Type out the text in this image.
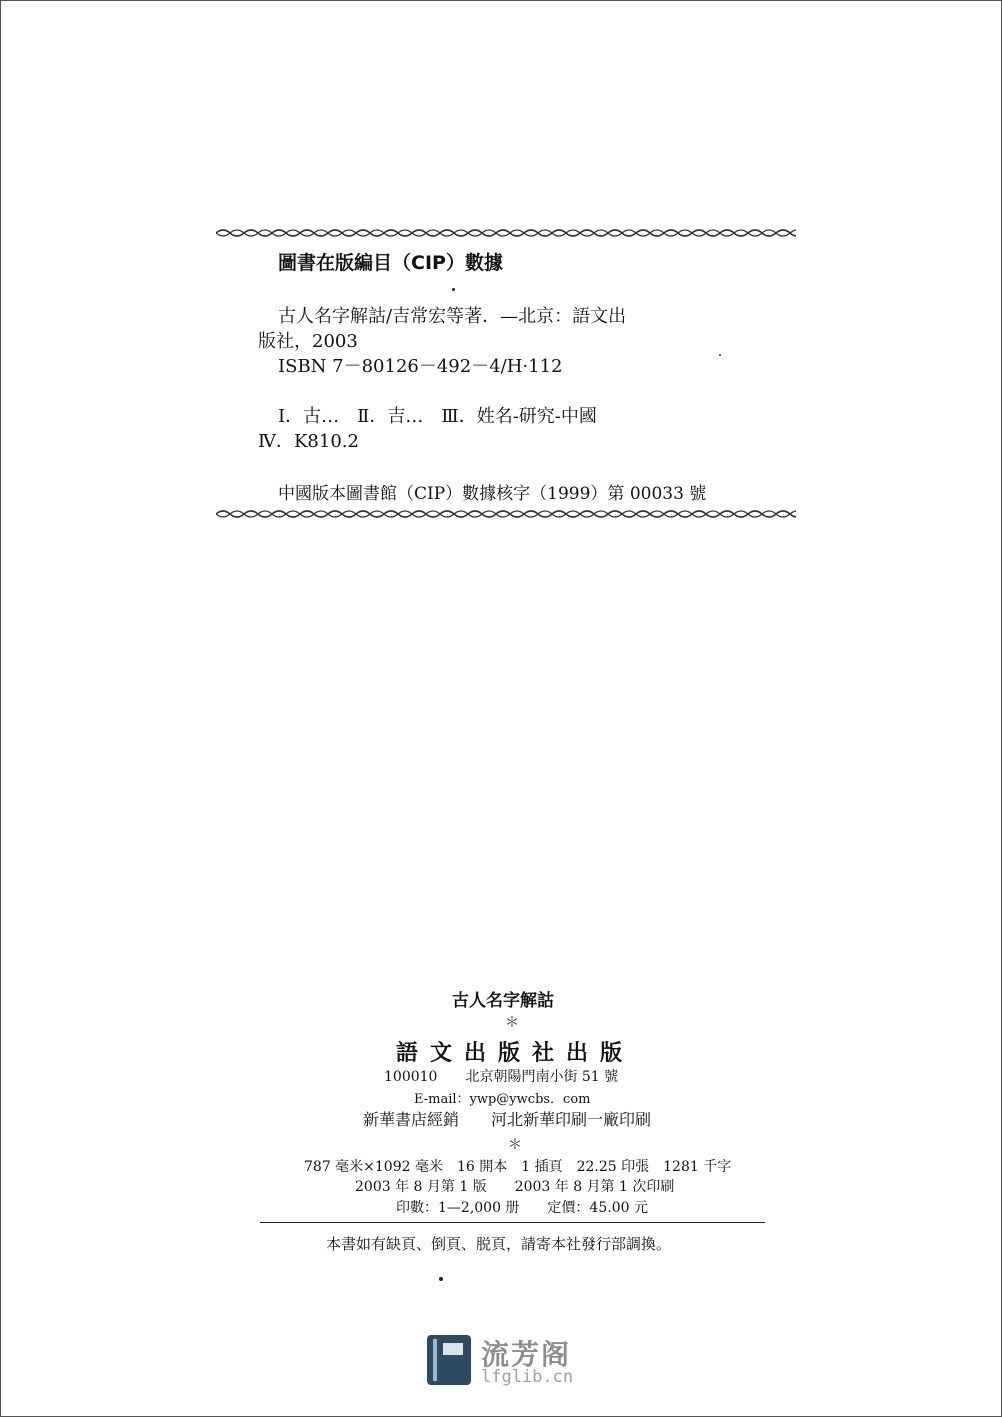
圖書在版編目（CIP）數據
古人名字解詁/吉常宏等著．—北京：語文出
版社，2003
ISBN 7－80126－492－4/H·112
Ⅰ．古…　Ⅱ．吉…　Ⅲ．姓名-研究-中國
Ⅳ．K810.2
中國版本圖書館（CIP）數據核字（1999）第 00033 號
古人名字解詁
＊
語文出版社出版
100010　　北京朝陽門南小街 51 號
E-mail：ywp@ywcbs．com
新華書店經銷　　河北新華印刷一廠印刷
＊
787 毫米×1092 毫米　16 開本　1 插頁　22.25 印張　1281 千字
2003 年 8 月第 1 版　　2003 年 8 月第 1 次印刷
印數：1—2,000 册　　定價：45.00 元
本書如有缺頁、倒頁、脱頁，請寄本社發行部調換。
流芳阁
lfglib.cn
